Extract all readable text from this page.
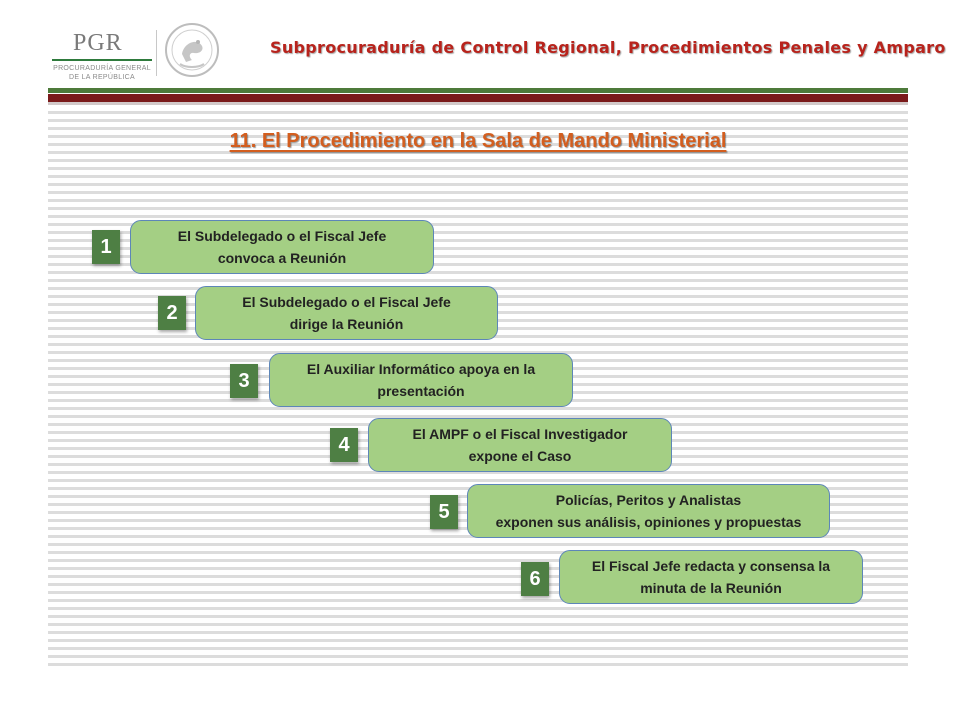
PGR
PROCURADURÍA GENERAL
DE LA REPÚBLICA
Subprocuraduría de Control Regional, Procedimientos Penales y Amparo
11. El Procedimiento en la Sala de Mando Ministerial
1	El Subdelegado o el Fiscal Jefe
convoca a Reunión
2	El Subdelegado o el Fiscal Jefe
dirige la Reunión
3
El Auxiliar Informático apoya en la
presentación
4	El AMPF o el Fiscal Investigador
expone el Caso
5
Policías, Peritos y Analistas
exponen sus análisis, opiniones y propuestas
6
El Fiscal Jefe redacta y consensa la
minuta de la Reunión
